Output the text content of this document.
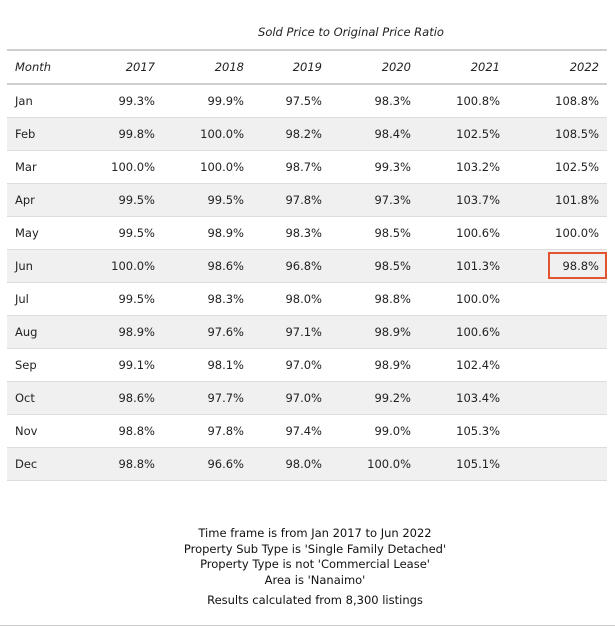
Sold Price to Original Price Ratio
Month	2017	2018	2019	2020	2021	2022
Jan	99.3%	99.9%	97.5%	98.3%	100.8%	108.8%
Feb	99.8%	100.0%	98.2%	98.4%	102.5%	108.5%
Mar	100.0%	100.0%	98.7%	99.3%	103.2%	102.5%
Apr	99.5%	99.5%	97.8%	97.3%	103.7%	101.8%
May	99.5%	98.9%	98.3%	98.5%	100.6%	100.0%
Jun	100.0%	98.6%	96.8%	98.5%	101.3%	98.8%
Jul	99.5%	98.3%	98.0%	98.8%	100.0%	
Aug	98.9%	97.6%	97.1%	98.9%	100.6%	
Sep	99.1%	98.1%	97.0%	98.9%	102.4%	
Oct	98.6%	97.7%	97.0%	99.2%	103.4%	
Nov	98.8%	97.8%	97.4%	99.0%	105.3%	
Dec	98.8%	96.6%	98.0%	100.0%	105.1%	
Time frame is from Jan 2017 to Jun 2022
Property Sub Type is 'Single Family Detached'
Property Type is not 'Commercial Lease'
Area is 'Nanaimo'
Results calculated from 8,300 listings
